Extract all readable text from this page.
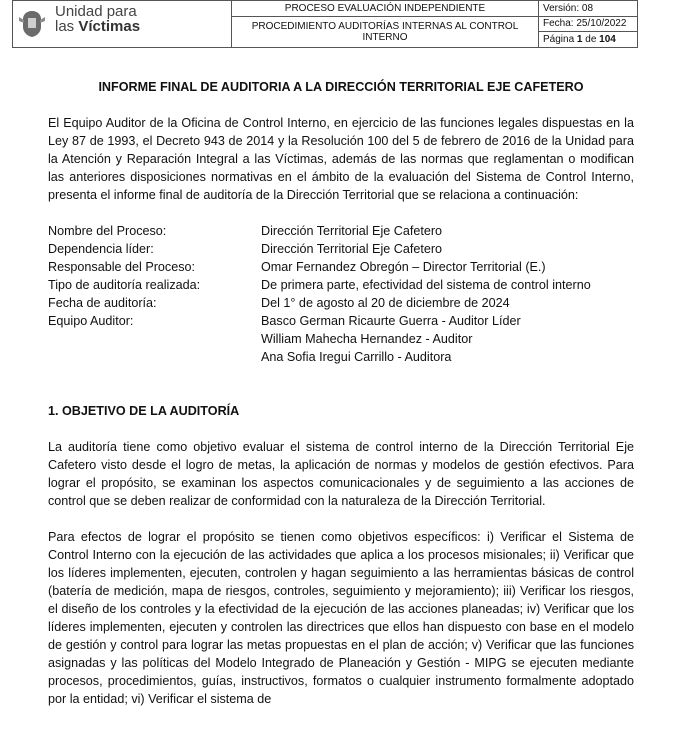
Unidad para
las Víctimas	PROCESO EVALUACIÓN INDEPENDIENTE	Versión: 08
	PROCEDIMIENTO AUDITORÍAS INTERNAS AL CONTROL INTERNO	Fecha: 25/10/2022
		Página 1 de 104
INFORME FINAL DE AUDITORIA A LA DIRECCIÓN TERRITORIAL EJE CAFETERO

El Equipo Auditor de la Oficina de Control Interno, en ejercicio de las funciones legales dispuestas en la Ley 87 de 1993, el Decreto 943 de 2014 y la Resolución 100 del 5 de febrero de 2016 de la Unidad para la Atención y Reparación Integral a las Víctimas, además de las normas que reglamentan o modifican las anteriores disposiciones normativas en el ámbito de la evaluación del Sistema de Control Interno, presenta el informe final de auditoría de la Dirección Territorial que se relaciona a continuación:

Nombre del Proceso:	Dirección Territorial Eje Cafetero
Dependencia líder:	Dirección Territorial Eje Cafetero
Responsable del Proceso:	Omar Fernandez Obregón – Director Territorial (E.)
Tipo de auditoría realizada:	De primera parte, efectividad del sistema de control interno
Fecha de auditoría:	Del 1° de agosto al 20 de diciembre de 2024
Equipo Auditor:	Basco German Ricaurte Guerra - Auditor Líder
William Mahecha Hernandez - Auditor
Ana Sofia Iregui Carrillo - Auditora
1. OBJETIVO DE LA AUDITORÍA

La auditoría tiene como objetivo evaluar el sistema de control interno de la Dirección Territorial Eje Cafetero visto desde el logro de metas, la aplicación de normas y modelos de gestión efectivos. Para lograr el propósito, se examinan los aspectos comunicacionales y de seguimiento a las acciones de control que se deben realizar de conformidad con la naturaleza de la Dirección Territorial.

Para efectos de lograr el propósito se tienen como objetivos específicos: i) Verificar el Sistema de Control Interno con la ejecución de las actividades que aplica a los procesos misionales; ii) Verificar que los líderes implementen, ejecuten, controlen y hagan seguimiento a las herramientas básicas de control (batería de medición, mapa de riesgos, controles, seguimiento y mejoramiento); iii) Verificar los riesgos, el diseño de los controles y la efectividad de la ejecución de las acciones planeadas; iv) Verificar que los líderes implementen, ejecuten y controlen las directrices que ellos han dispuesto con base en el modelo de gestión y control para lograr las metas propuestas en el plan de acción; v) Verificar que las funciones asignadas y las políticas del Modelo Integrado de Planeación y Gestión - MIPG se ejecuten mediante procesos, procedimientos, guías, instructivos, formatos o cualquier instrumento formalmente adoptado por la entidad; vi) Verificar el sistema de
